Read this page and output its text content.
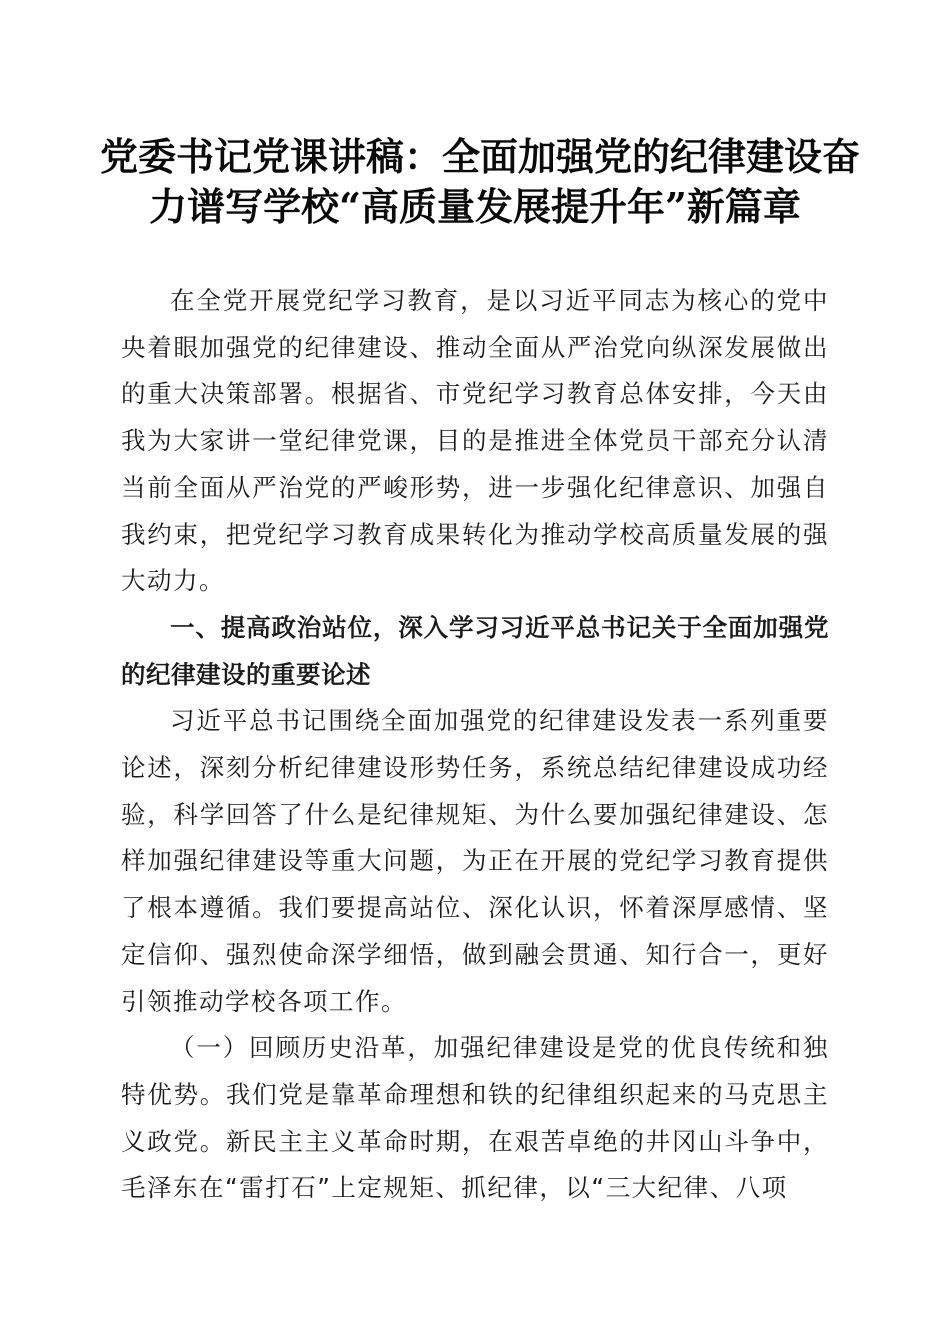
党委书记党课讲稿：全面加强党的纪律建设奋
力谱写学校“高质量发展提升年”新篇章

在全党开展党纪学习教育，是以习近平同志为核心的党中央着眼加强党的纪律建设、推动全面从严治党向纵深发展做出的重大决策部署。根据省、市党纪学习教育总体安排，今天由我为大家讲一堂纪律党课，目的是推进全体党员干部充分认清当前全面从严治党的严峻形势，进一步强化纪律意识、加强自我约束，把党纪学习教育成果转化为推动学校高质量发展的强大动力。

一、提高政治站位，深入学习习近平总书记关于全面加强党的纪律建设的重要论述

习近平总书记围绕全面加强党的纪律建设发表一系列重要论述，深刻分析纪律建设形势任务，系统总结纪律建设成功经验，科学回答了什么是纪律规矩、为什么要加强纪律建设、怎样加强纪律建设等重大问题，为正在开展的党纪学习教育提供了根本遵循。我们要提高站位、深化认识，怀着深厚感情、坚定信仰、强烈使命深学细悟，做到融会贯通、知行合一，更好引领推动学校各项工作。

（一）回顾历史沿革，加强纪律建设是党的优良传统和独特优势。我们党是靠革命理想和铁的纪律组织起来的马克思主义政党。新民主主义革命时期，在艰苦卓绝的井冈山斗争中，毛泽东在“雷打石”上定规矩、抓纪律，以“三大纪律、八项
